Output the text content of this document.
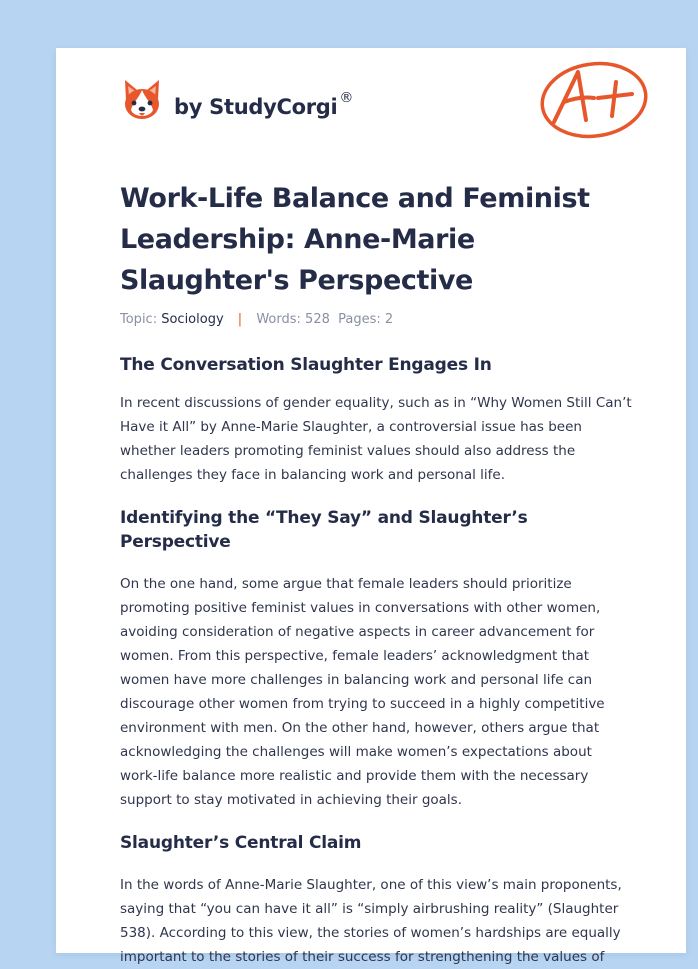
by StudyCorgi ®
Work-Life Balance and Feminist Leadership: Anne-Marie Slaughter's Perspective
Topic: Sociology | Words: 528 Pages: 2
The Conversation Slaughter Engages In

In recent discussions of gender equality, such as in “Why Women Still Can’t Have it All” by Anne-Marie Slaughter, a controversial issue has been whether leaders promoting feminist values should also address the challenges they face in balancing work and personal life.

Identifying the “They Say” and Slaughter’s Perspective

On the one hand, some argue that female leaders should prioritize promoting positive feminist values in conversations with other women, avoiding consideration of negative aspects in career advancement for women. From this perspective, female leaders’ acknowledgment that women have more challenges in balancing work and personal life can discourage other women from trying to succeed in a highly competitive environment with men. On the other hand, however, others argue that acknowledging the challenges will make women’s expectations about work-life balance more realistic and provide them with the necessary support to stay motivated in achieving their goals.

Slaughter’s Central Claim

In the words of Anne-Marie Slaughter, one of this view’s main proponents, saying that “you can have it all” is “simply airbrushing reality” (Slaughter 538). According to this view, the stories of women’s hardships are equally important to the stories of their success for strengthening the values of
